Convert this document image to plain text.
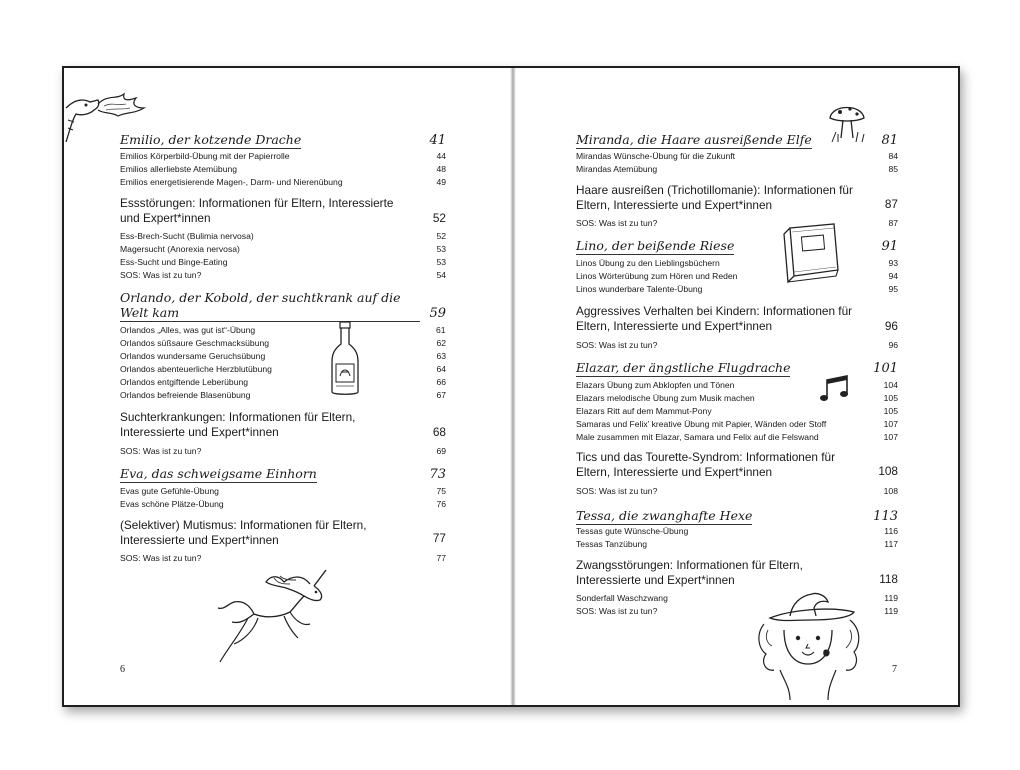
Emilio, der kotzende Drache	41
Emilios Körperbild-Übung mit der Papierrolle	44
Emilios allerliebste Atemübung	48
Emilios energetisierende Magen-, Darm- und Nierenübung	49
Essstörungen: Informationen für Eltern, Interessierte und Expert*innen	52
Ess-Brech-Sucht (Bulimia nervosa)	52
Magersucht (Anorexia nervosa)	53
Ess-Sucht und Binge-Eating	53
SOS: Was ist zu tun?	54
Orlando, der Kobold, der suchtkrank auf die Welt kam	59
Orlandos „Alles, was gut ist“-Übung	61
Orlandos süßsaure Geschmacksübung	62
Orlandos wundersame Geruchsübung	63
Orlandos abenteuerliche Herzblutübung	64
Orlandos entgiftende Leberübung	66
Orlandos befreiende Blasenübung	67
Suchterkrankungen: Informationen für Eltern, Interessierte und Expert*innen	68
SOS: Was ist zu tun?	69
Eva, das schweigsame Einhorn	73
Evas gute Gefühle-Übung	75
Evas schöne Plätze-Übung	76
(Selektiver) Mutismus: Informationen für Eltern, Interessierte und Expert*innen	77
SOS: Was ist zu tun?	77
6
Miranda, die Haare ausreißende Elfe	81
Mirandas Wünsche-Übung für die Zukunft	84
Mirandas Atemübung	85
Haare ausreißen (Trichotillomanie): Informationen für Eltern, Interessierte und Expert*innen	87
SOS: Was ist zu tun?	87
Lino, der beißende Riese	91
Linos Übung zu den Lieblingsbüchern	93
Linos Wörterübung zum Hören und Reden	94
Linos wunderbare Talente-Übung	95
Aggressives Verhalten bei Kindern: Informationen für Eltern, Interessierte und Expert*innen	96
SOS: Was ist zu tun?	96
Elazar, der ängstliche Flugdrache	101
Elazars Übung zum Abklopfen und Tönen	104
Elazars melodische Übung zum Musik machen	105
Elazars Ritt auf dem Mammut-Pony	105
Samaras und Felix’ kreative Übung mit Papier, Wänden oder Stoff	107
Male zusammen mit Elazar, Samara und Felix auf die Felswand	107
Tics und das Tourette-Syndrom: Informationen für Eltern, Interessierte und Expert*innen	108
SOS: Was ist zu tun?	108
Tessa, die zwanghafte Hexe	113
Tessas gute Wünsche-Übung	116
Tessas Tanzübung	117
Zwangsstörungen: Informationen für Eltern, Interessierte und Expert*innen	118
Sonderfall Waschzwang	119
SOS: Was ist zu tun?	119
7
